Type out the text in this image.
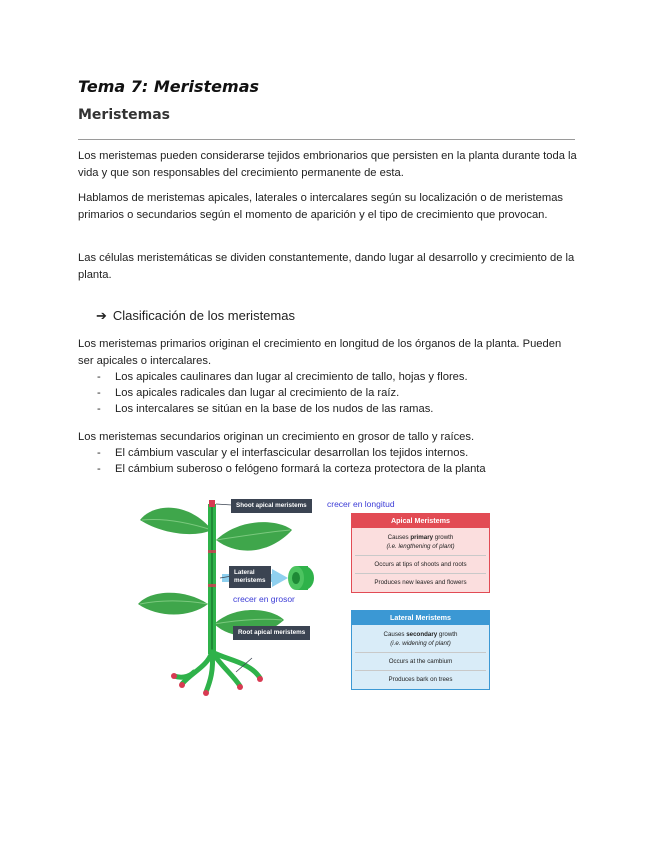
Tema 7: Meristemas
Meristemas

Los meristemas pueden considerarse tejidos embrionarios que persisten en la planta durante toda la vida y que son responsables del crecimiento permanente de esta.

Hablamos de meristemas apicales, laterales o intercalares según su localización o de meristemas primarios o secundarios según el momento de aparición y el tipo de crecimiento que provocan.

Las células meristemáticas se dividen constantemente, dando lugar al desarrollo y crecimiento de la planta.

➔ Clasificación de los meristemas

Los meristemas primarios originan el crecimiento en longitud de los órganos de la planta. Pueden ser apicales o intercalares.

- Los apicales caulinares dan lugar al crecimiento de tallo, hojas y flores.
- Los apicales radicales dan lugar al crecimiento de la raíz.
- Los intercalares se sitúan en la base de los nudos de las ramas.

Los meristemas secundarios originan un crecimiento en grosor de tallo y raíces.

- El cámbium vascular y el interfascicular desarrollan los tejidos internos.
- El cámbium suberoso o felógeno formará la corteza protectora de la planta
Shoot apical meristems
Lateral
meristems
Root apical meristems
crecer en longitud
crecer en grosor
Apical Meristems
Causes primary growth
(i.e. lengthening of plant)
Occurs at tips of shoots and roots
Produces new leaves and flowers
Lateral Meristems
Causes secondary growth
(i.e. widening of plant)
Occurs at the cambium
Produces bark on trees
